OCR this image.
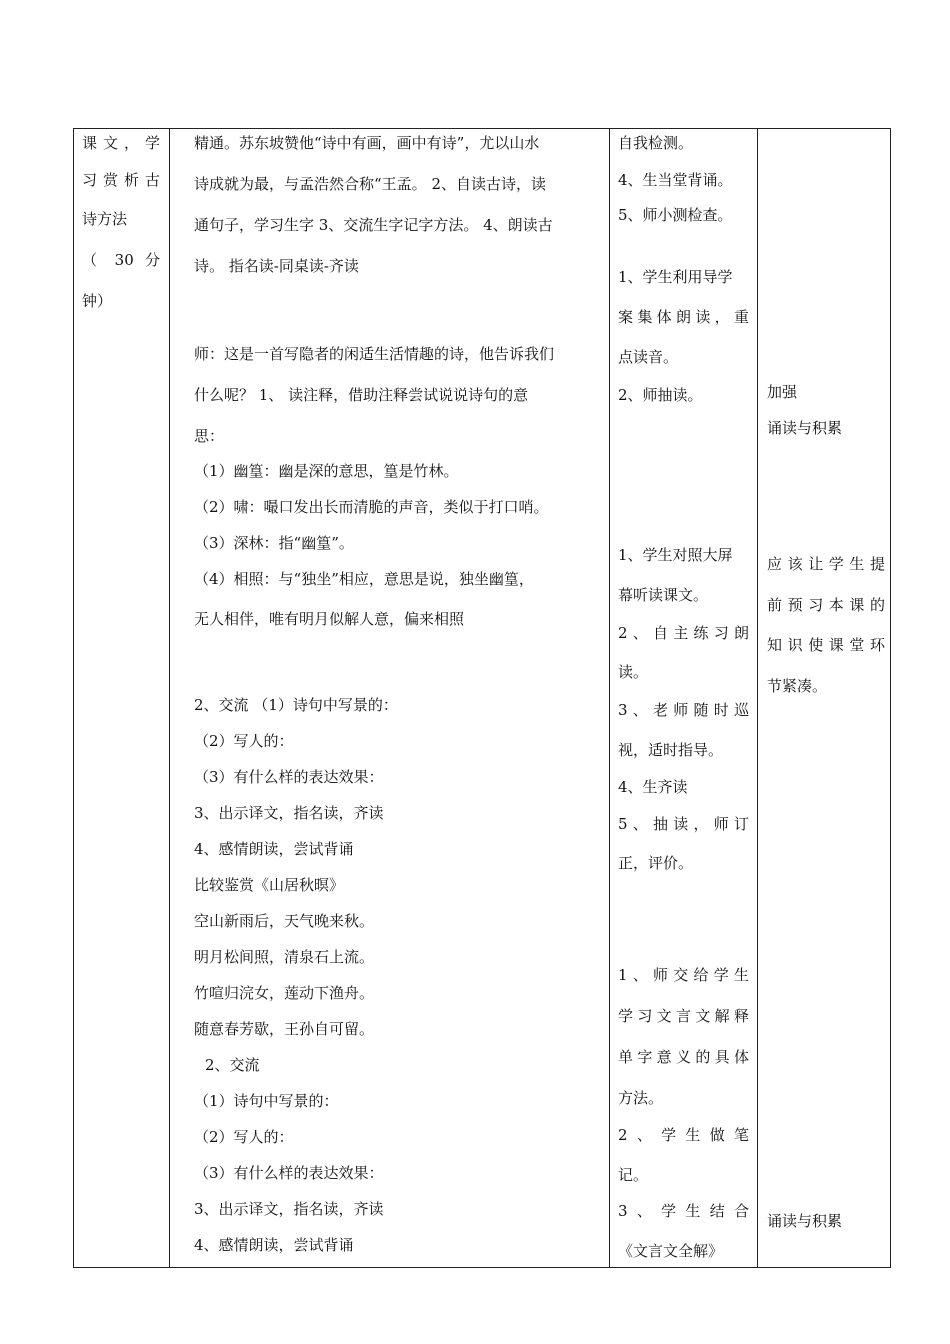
课文，学
习赏析古
诗方法
（ 30 分
钟）
精通。苏东坡赞他“诗中有画，画中有诗”，尤以山水
诗成就为最，与孟浩然合称“王孟。 2、自读古诗，读
通句子，学习生字 3、交流生字记字方法。 4、朗读古
诗。 指名读-同桌读-齐读
师：这是一首写隐者的闲适生活情趣的诗，他告诉我们
什么呢？ 1、 读注释，借助注释尝试说说诗句的意
思：
（1）幽篁：幽是深的意思，篁是竹林。
（2）啸：嘬口发出长而清脆的声音，类似于打口哨。
（3）深林：指“幽篁”。
（4）相照：与“独坐”相应，意思是说，独坐幽篁，
无人相伴，唯有明月似解人意，偏来相照
2、交流 （1）诗句中写景的：
（2）写人的：
（3）有什么样的表达效果：
3、出示译文，指名读，齐读
4、感情朗读，尝试背诵
比较鉴赏《山居秋暝》
空山新雨后，天气晚来秋。
明月松间照，清泉石上流。
竹喧归浣女，莲动下渔舟。
随意春芳歇，王孙自可留。
2、交流
（1）诗句中写景的：
（2）写人的：
（3）有什么样的表达效果：
3、出示译文，指名读，齐读
4、感情朗读，尝试背诵
自我检测。
4、生当堂背诵。
5、师小测检查。
1、学生利用导学
案集体朗读，重
点读音。
2、师抽读。
1、学生对照大屏
幕听读课文。
2、自主练习朗
读。
3、老师随时巡
视，适时指导。
4、生齐读
5、抽读，师订
正，评价。
1、师交给学生
学习文言文解释
单字意义的具体
方法。
2、学生做笔
记。
3、学生结合
《文言文全解》
加强
诵读与积累
应该让学生提
前预习本课的
知识使课堂环
节紧凑。
诵读与积累
